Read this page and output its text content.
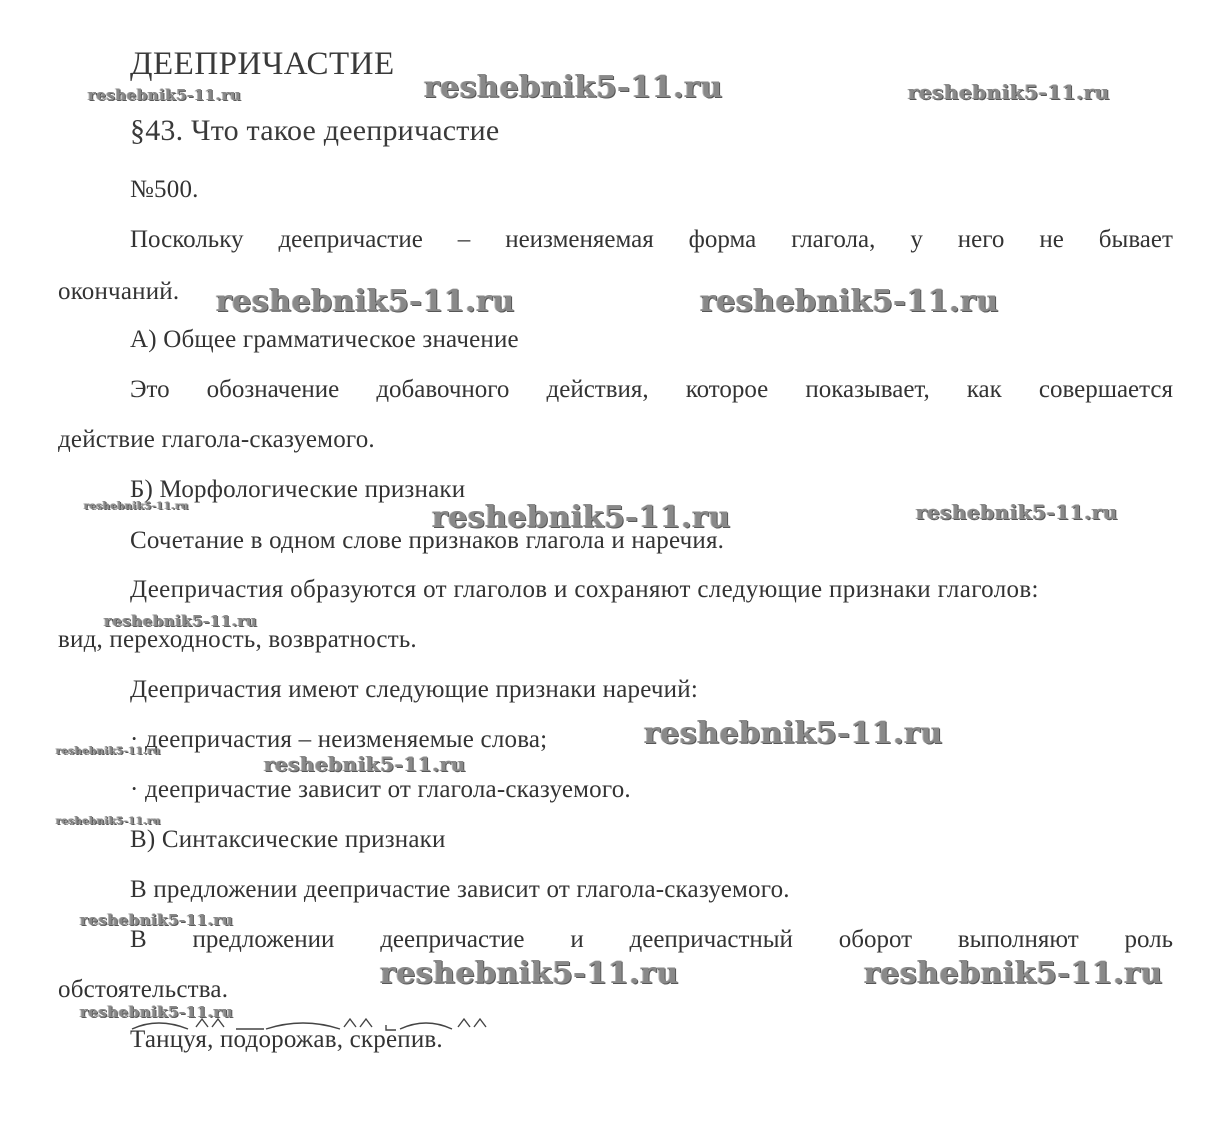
ДЕЕПРИЧАСТИЕ
§43. Что такое деепричастие
№500.
Поскольку деепричастие – неизменяемая форма глагола, у него не бывает
окончаний.
А) Общее грамматическое значение
Это обозначение добавочного действия, которое показывает, как совершается
действие глагола-сказуемого.
Б) Морфологические признаки
Сочетание в одном слове признаков глагола и наречия.
Деепричастия образуются от глаголов и сохраняют следующие признаки глаголов:
вид, переходность, возвратность.
Деепричастия имеют следующие признаки наречий:
· деепричастия – неизменяемые слова;
· деепричастие зависит от глагола-сказуемого.
В) Синтаксические признаки
В предложении деепричастие зависит от глагола-сказуемого.
В предложении деепричастие и деепричастный оборот выполняют роль
обстоятельства.
Танцуя, подорожав, скрепив.
reshebnik5-11.ru	reshebnik5-11.ru	reshebnik5-11.ru
reshebnik5-11.ru	reshebnik5-11.ru
reshebnik5-11.ru	reshebnik5-11.ru	reshebnik5-11.ru
reshebnik5-11.ru
reshebnik5-11.ru
reshebnik5-11.ru
reshebnik5-11.ru
reshebnik5-11.ru
reshebnik5-11.ru
reshebnik5-11.ru	reshebnik5-11.ru
reshebnik5-11.ru
